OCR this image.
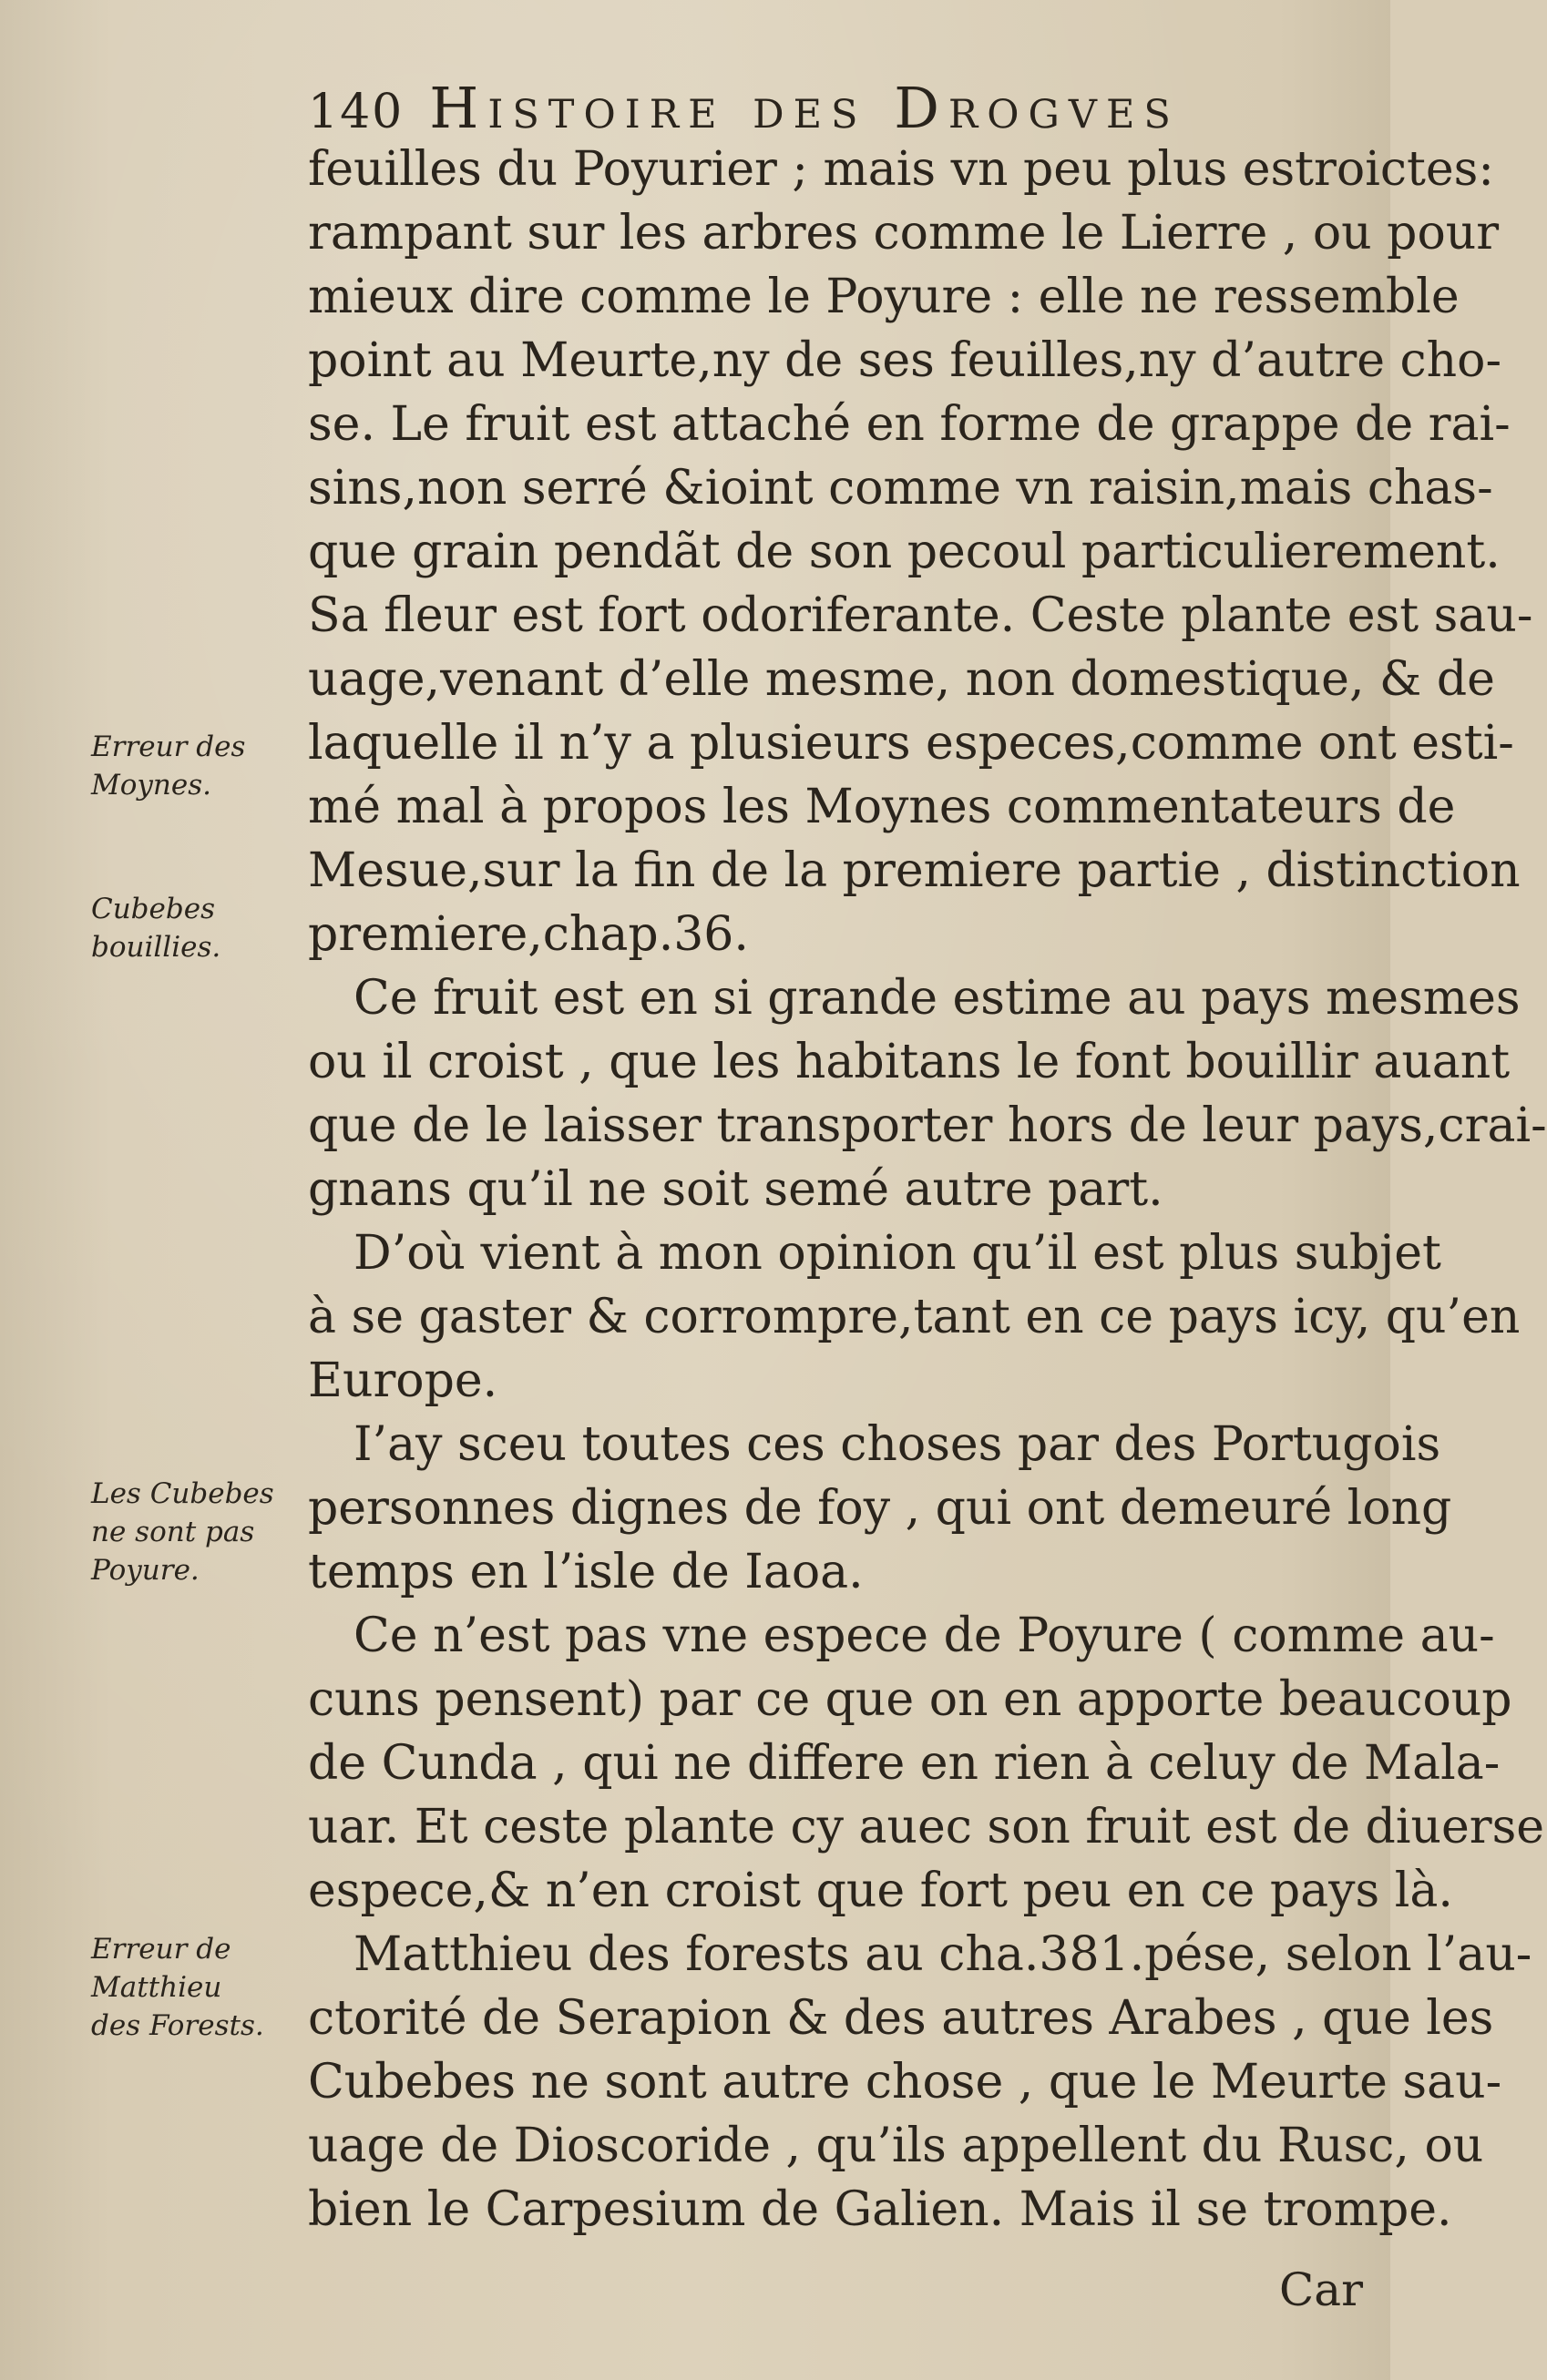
140 Histoire des Drogves
Erreur des
Moynes.
Cubebes
bouillies.
Les Cubebes
ne sont pas
Poyure.
Erreur de
Matthieu
des Forests.
feuilles du Poyurier ; mais vn peu plus estroictes:
rampant sur les arbres comme le Lierre , ou pour
mieux dire comme le Poyure : elle ne ressemble
point au Meurte,ny de ses feuilles,ny d’autre cho-
se. Le fruit est attaché en forme de grappe de rai-
sins,non serré &ioint comme vn raisin,mais chas-
que grain pendãt de son pecoul particulierement.
Sa fleur est fort odoriferante. Ceste plante est sau-
uage,venant d’elle mesme, non domestique, & de
laquelle il n’y a plusieurs especes,comme ont esti-
mé mal à propos les Moynes commentateurs de
Mesue,sur la fin de la premiere partie , distinction
premiere,chap.36.
Ce fruit est en si grande estime au pays mesmes
ou il croist , que les habitans le font bouillir auant
que de le laisser transporter hors de leur pays,crai-
gnans qu’il ne soit semé autre part.
D’où vient à mon opinion qu’il est plus subjet
à se gaster & corrompre,tant en ce pays icy, qu’en
Europe.
I’ay sceu toutes ces choses par des Portugois
personnes dignes de foy , qui ont demeuré long
temps en l’isle de Iaoa.
Ce n’est pas vne espece de Poyure ( comme au-
cuns pensent) par ce que on en apporte beaucoup
de Cunda , qui ne differe en rien à celuy de Mala-
uar. Et ceste plante cy auec son fruit est de diuerse
espece,& n’en croist que fort peu en ce pays là.
Matthieu des forests au cha.381.pése, selon l’au-
ctorité de Serapion & des autres Arabes , que les
Cubebes ne sont autre chose , que le Meurte sau-
uage de Dioscoride , qu’ils appellent du Rusc, ou
bien le Carpesium de Galien. Mais il se trompe.
Car
